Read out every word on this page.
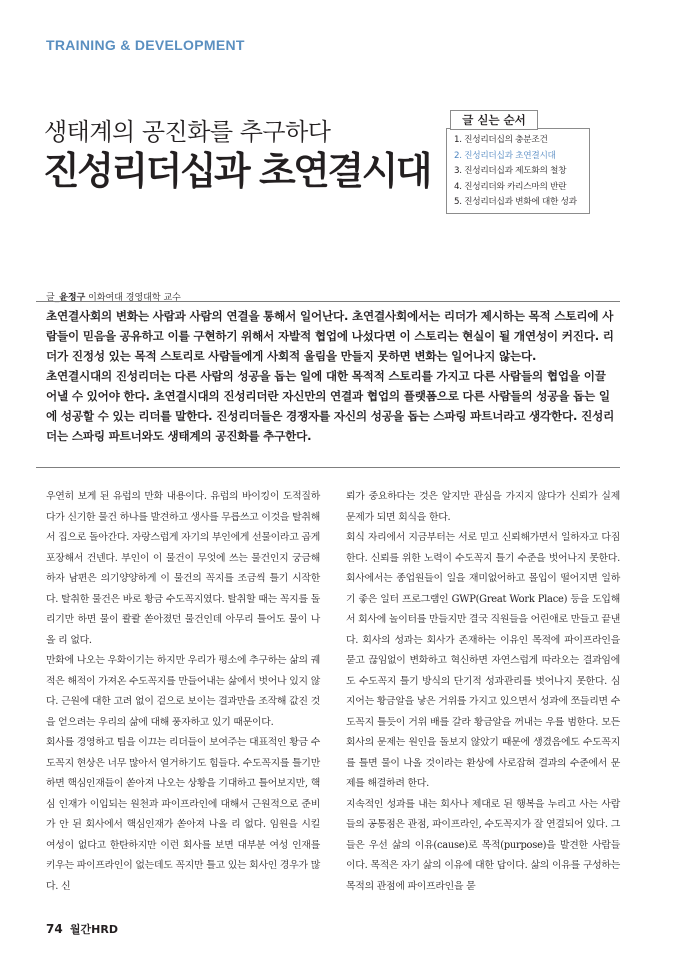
TRAINING & DEVELOPMENT
생태계의 공진화를 추구하다
진성리더십과 초연결시대
글 싣는 순서
1. 진성리더십의 충분조건
2. 진성리더십과 초연결시대
3. 진성리더십과 제도화의 철창
4. 진성리더와 카리스마의 반란
5. 진성리더십과 변화에 대한 성과
글_윤정구 이화여대 경영대학 교수

초연결사회의 변화는 사람과 사람의 연결을 통해서 일어난다. 초연결사회에서는 리더가 제시하는 목적 스토리에 사람들이 믿음을 공유하고 이를 구현하기 위해서 자발적 협업에 나섰다면 이 스토리는 현실이 될 개연성이 커진다. 리더가 진정성 있는 목적 스토리로 사람들에게 사회적 울림을 만들지 못하면 변화는 일어나지 않는다.

초연결시대의 진성리더는 다른 사람의 성공을 돕는 일에 대한 목적적 스토리를 가지고 다른 사람들의 협업을 이끌어낼 수 있어야 한다. 초연결시대의 진성리더란 자신만의 연결과 협업의 플랫폼으로 다른 사람들의 성공을 돕는 일에 성공할 수 있는 리더를 말한다. 진성리더들은 경쟁자를 자신의 성공을 돕는 스파링 파트너라고 생각한다. 진성리더는 스파링 파트너와도 생태계의 공진화를 추구한다.

우연히 보게 된 유럽의 만화 내용이다. 유럽의 바이킹이 도적질하다가 신기한 물건 하나를 발견하고 생사를 무릅쓰고 이것을 탈취해서 집으로 돌아간다. 자랑스럽게 자기의 부인에게 선물이라고 곱게 포장해서 건넨다. 부인이 이 물건이 무엇에 쓰는 물건인지 궁금해 하자 남편은 의기양양하게 이 물건의 꼭지를 조금씩 틀기 시작한다. 탈취한 물건은 바로 황금 수도꼭지였다. 탈취할 때는 꼭지를 돌리기만 하면 물이 콸콸 쏟아졌던 물건인데 아무리 틀어도 물이 나올 리 없다.

만화에 나오는 우화이기는 하지만 우리가 평소에 추구하는 삶의 궤적은 해적이 가져온 수도꼭지를 만들어내는 삶에서 벗어나 있지 않다. 근원에 대한 고려 없이 겉으로 보이는 결과만을 조작해 값진 것을 얻으려는 우리의 삶에 대해 풍자하고 있기 때문이다.

회사를 경영하고 팀을 이끄는 리더들이 보여주는 대표적인 황금 수도꼭지 현상은 너무 많아서 열거하기도 힘들다. 수도꼭지를 틀기만 하면 핵심인재들이 쏟아져 나오는 상황을 기대하고 틀어보지만, 핵심 인재가 이입되는 원천과 파이프라인에 대해서 근원적으로 준비가 안 된 회사에서 핵심인재가 쏟아져 나올 리 없다. 임원을 시킬 여성이 없다고 한탄하지만 이런 회사를 보면 대부분 여성 인재를 키우는 파이프라인이 없는데도 꼭지만 틀고 있는 회사인 경우가 많다. 신

뢰가 중요하다는 것은 알지만 관심을 가지지 않다가 신뢰가 실제 문제가 되면 회식을 한다.

회식 자리에서 지금부터는 서로 믿고 신뢰해가면서 일하자고 다짐한다. 신뢰를 위한 노력이 수도꼭지 틀기 수준을 벗어나지 못한다. 회사에서는 종업원들이 일을 재미없어하고 몰입이 떨어지면 일하기 좋은 일터 프로그램인 GWP(Great Work Place) 등을 도입해서 회사에 놀이터를 만들지만 결국 직원들을 어린애로 만들고 끝낸다. 회사의 성과는 회사가 존재하는 이유인 목적에 파이프라인을 묻고 끊임없이 변화하고 혁신하면 자연스럽게 따라오는 결과임에도 수도꼭지 틀기 방식의 단기적 성과관리를 벗어나지 못한다. 심지어는 황금알을 낳은 거위를 가지고 있으면서 성과에 쪼들리면 수도꼭지 틀듯이 거위 배를 갈라 황금알을 꺼내는 우를 범한다. 모든 회사의 문제는 원인을 돌보지 않았기 때문에 생겼음에도 수도꼭지를 틀면 물이 나올 것이라는 환상에 사로잡혀 결과의 수준에서 문제를 해결하려 한다.

지속적인 성과를 내는 회사나 제대로 된 행복을 누리고 사는 사람들의 공통점은 관점, 파이프라인, 수도꼭지가 잘 연결되어 있다. 그들은 우선 삶의 이유(cause)로 목적(purpose)을 발견한 사람들이다. 목적은 자기 삶의 이유에 대한 답이다. 삶의 이유를 구성하는 목적의 관점에 파이프라인을 묻

74 월간HRD
